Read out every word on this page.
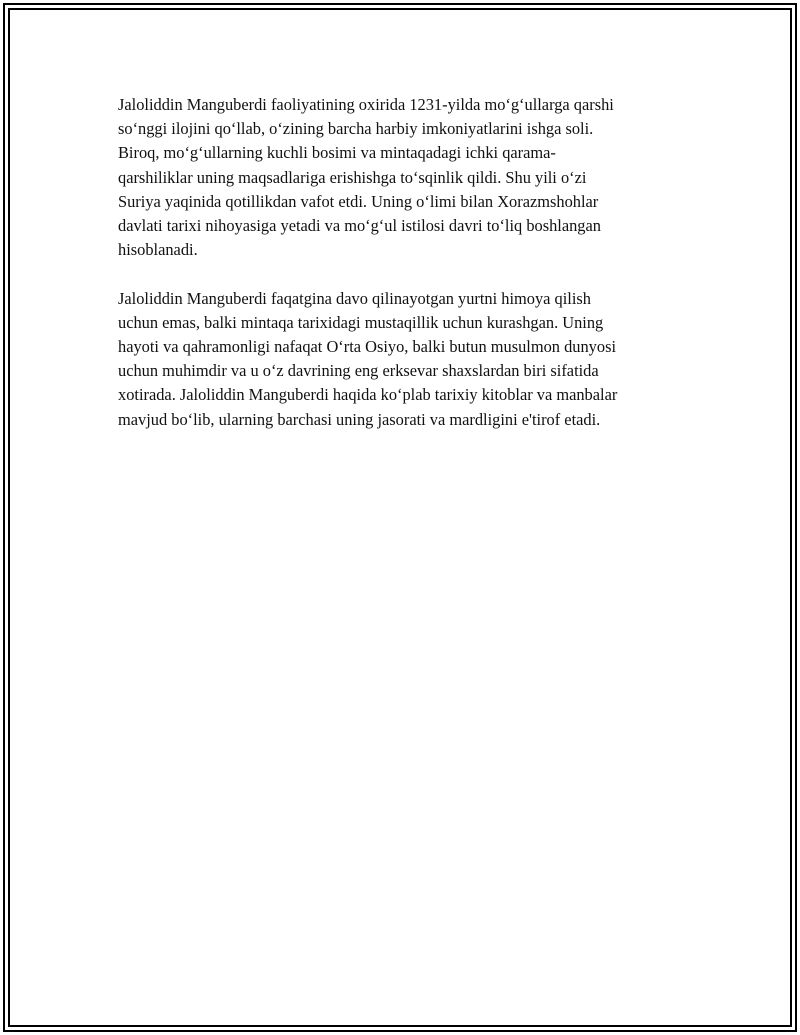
Jaloliddin Manguberdi faoliyatining oxirida 1231-yilda mo‘g‘ullarga qarshi
so‘nggi ilojini qo‘llab, o‘zining barcha harbiy imkoniyatlarini ishga soli.
Biroq, mo‘g‘ullarning kuchli bosimi va mintaqadagi ichki qarama-
qarshiliklar uning maqsadlariga erishishga to‘sqinlik qildi. Shu yili o‘zi
Suriya yaqinida qotillikdan vafot etdi. Uning o‘limi bilan Xorazmshohlar
davlati tarixi nihoyasiga yetadi va mo‘g‘ul istilosi davri to‘liq boshlangan
hisoblanadi.

Jaloliddin Manguberdi faqatgina davo qilinayotgan yurtni himoya qilish
uchun emas, balki mintaqa tarixidagi mustaqillik uchun kurashgan. Uning
hayoti va qahramonligi nafaqat O‘rta Osiyo, balki butun musulmon dunyosi
uchun muhimdir va u o‘z davrining eng erksevar shaxslardan biri sifatida
xotirada. Jaloliddin Manguberdi haqida ko‘plab tarixiy kitoblar va manbalar
mavjud bo‘lib, ularning barchasi uning jasorati va mardligini e'tirof etadi.
